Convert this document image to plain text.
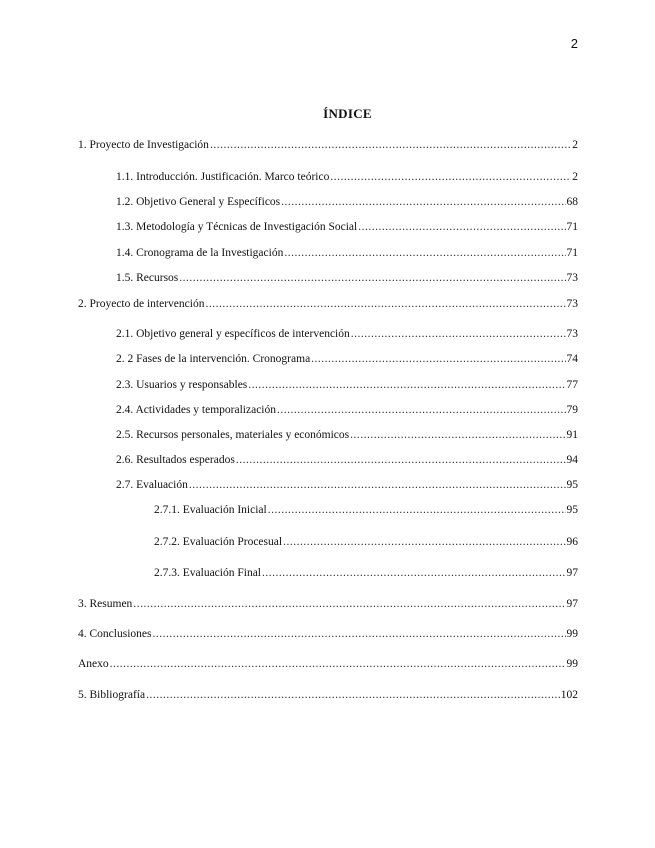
2
ÍNDICE
1. Proyecto de Investigación .....	2
1.1. Introducción. Justificación. Marco teórico .....	2
1.2. Objetivo General y Específicos .....	68
1.3. Metodología y Técnicas de Investigación Social .....	71
1.4. Cronograma de la Investigación .....	71
1.5. Recursos .....	73
2. Proyecto de intervención .....	73
2.1. Objetivo general y específicos de intervención .....	73
2. 2 Fases de la intervención. Cronograma .....	74
2.3. Usuarios y responsables .....	77
2.4. Actividades y temporalización .....	79
2.5. Recursos personales, materiales y económicos .....	91
2.6. Resultados esperados .....	94
2.7. Evaluación .....	95
2.7.1. Evaluación Inicial .....	95
2.7.2. Evaluación Procesual .....	96
2.7.3. Evaluación Final .....	97
3. Resumen .....	97
4. Conclusiones .....	99
Anexo .....	99
5. Bibliografía .....	102
